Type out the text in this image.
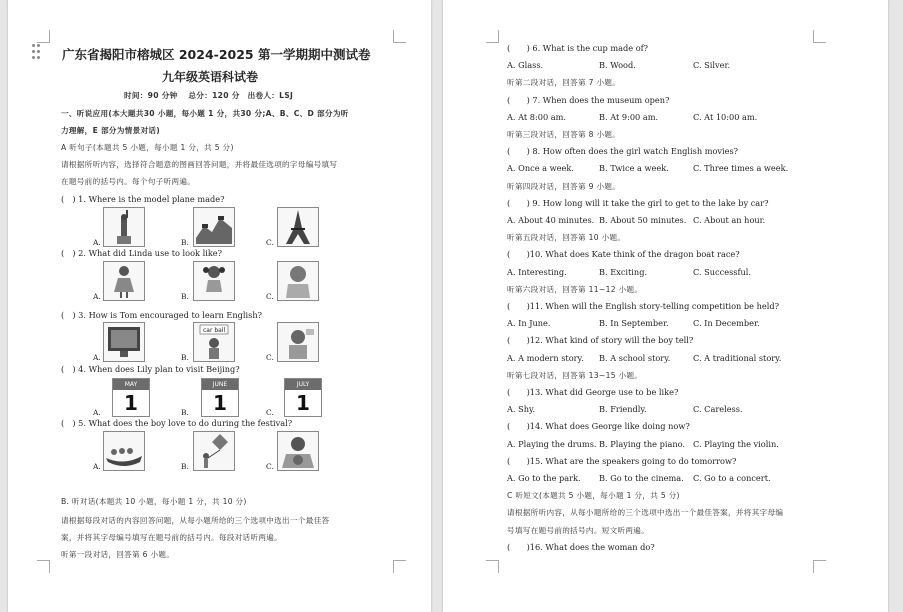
广东省揭阳市榕城区 2024-2025 第一学期期中测试卷
九年级英语科试卷
时间：90 分钟　 总分：120 分　出卷人：LSJ
一、听说应用(本大题共30 小题，每小题 1 分，共30 分;A、B、C、D 部分为听
力理解，E 部分为情景对话)
A 听句子(本题共 5 小题，每小题 1 分，共 5 分)
请根据所听内容，选择符合题意的图画回答问题，并将最佳选项的字母编号填写
在题号前的括号内。每个句子听两遍。
(　) 1. Where is the model plane made?
A.	B.	C.
(　) 2. What did Linda use to look like?
A.	B.	C.
(　) 3. How is Tom encouraged to learn English?
A.	B.
car ball
C.
(　) 4. When does Lily plan to visit Beijing?
A.
MAY
1	B.
JUNE
1	C.
JULY
1
(　) 5. What does the boy love to do during the festival?
A.	B.	C.
B. 听对话(本题共 10 小题，每小题 1 分，共 10 分)
请根据每段对话的内容回答问题，从每小题所给的三个选项中选出一个最佳答
案，并将其字母编号填写在题号前的括号内。每段对话听两遍。
听第一段对话，回答第 6 小题。
(　　) 6. What is the cup made of?
A. Glass.	B. Wood.	C. Silver.
听第二段对话，回答第 7 小题。
(　　) 7. When does the museum open?
A. At 8:00 am.	B. At 9:00 am.	C. At 10:00 am.
听第三段对话，回答第 8 小题。
(　　) 8. How often does the girl watch English movies?
A. Once a week.	B. Twice a week.	C. Three times a week.
听第四段对话，回答第 9 小题。
(　　) 9. How long will it take the girl to get to the lake by car?
A. About 40 minutes. B. About 50 minutes. C. About an hour.
听第五段对话，回答第 10 小题。
(　　)10. What does Kate think of the dragon boat race?
A. Interesting.	B. Exciting.	C. Successful.
听第六段对话，回答第 11~12 小题。
(　　)11. When will the English story-telling competition be held?
A. In June.	B. In September.	C. In December.
(　　)12. What kind of story will the boy tell?
A. A modern story. B. A school story.	C. A traditional story.
听第七段对话，回答第 13~15 小题。
(　　)13. What did George use to be like?
A. Shy.	B. Friendly.	C. Careless.
(　　)14. What does George like doing now?
A. Playing the drums. B. Playing the piano. C. Playing the violin.
(　　)15. What are the speakers going to do tomorrow?
A. Go to the park. B. Go to the cinema. C. Go to a concert.
C 听短文(本题共 5 小题，每小题 1 分，共 5 分)
请根据所听内容，从每小题所给的三个选项中选出一个最佳答案，并将其字母编
号填写在题号前的括号内。短文听两遍。
(　　)16. What does the woman do?
